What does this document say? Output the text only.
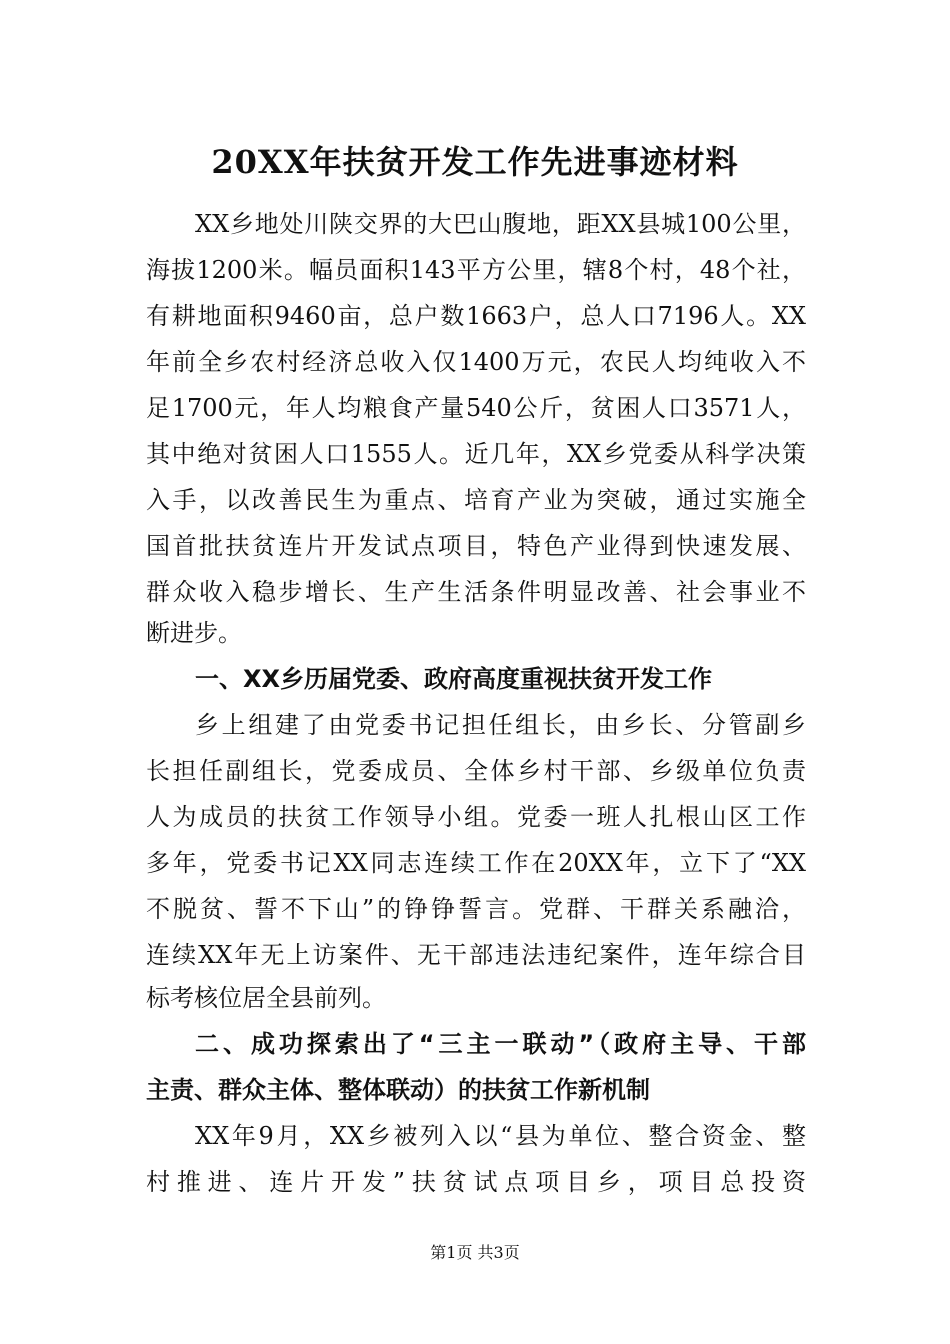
20XX年扶贫开发工作先进事迹材料
XX乡地处川陕交界的大巴山腹地，距XX县城100公里，
海拔1200米。幅员面积143平方公里，辖8个村，48个社，
有耕地面积9460亩，总户数1663户，总人口7196人。XX
年前全乡农村经济总收入仅1400万元，农民人均纯收入不
足1700元，年人均粮食产量540公斤，贫困人口3571人，
其中绝对贫困人口1555人。近几年，XX乡党委从科学决策
入手，以改善民生为重点、培育产业为突破，通过实施全
国首批扶贫连片开发试点项目，特色产业得到快速发展、
群众收入稳步增长、生产生活条件明显改善、社会事业不
断进步。
一、XX乡历届党委、政府高度重视扶贫开发工作
乡上组建了由党委书记担任组长，由乡长、分管副乡
长担任副组长，党委成员、全体乡村干部、乡级单位负责
人为成员的扶贫工作领导小组。党委一班人扎根山区工作
多年，党委书记XX同志连续工作在20XX年，立下了“XX
不脱贫、誓不下山”的铮铮誓言。党群、干群关系融洽，
连续XX年无上访案件、无干部违法违纪案件，连年综合目
标考核位居全县前列。
二、成功探索出了“三主一联动”（政府主导、干部
主责、群众主体、整体联动）的扶贫工作新机制
XX年9月，XX乡被列入以“县为单位、整合资金、整
村推进、连片开发”扶贫试点项目乡，项目总投资
第1页 共3页
